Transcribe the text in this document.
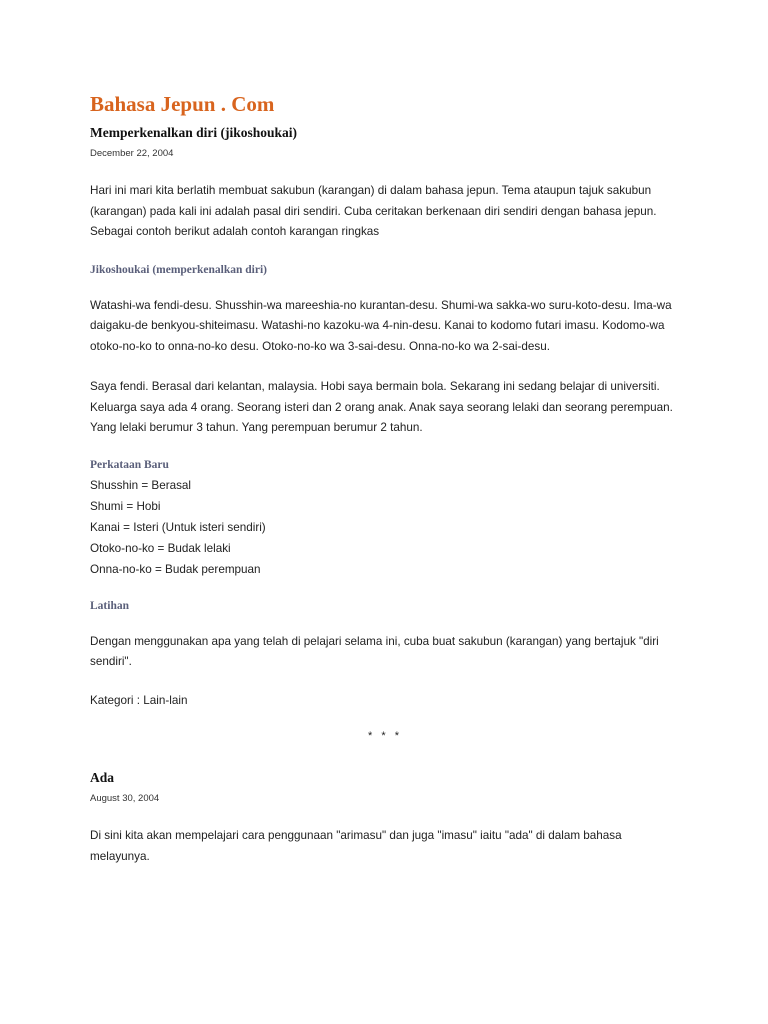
Bahasa Jepun . Com
Memperkenalkan diri (jikoshoukai)

December 22, 2004

Hari ini mari kita berlatih membuat sakubun (karangan) di dalam bahasa jepun. Tema ataupun tajuk sakubun (karangan) pada kali ini adalah pasal diri sendiri. Cuba ceritakan berkenaan diri sendiri dengan bahasa jepun. Sebagai contoh berikut adalah contoh karangan ringkas

Jikoshoukai (memperkenalkan diri)

Watashi-wa fendi-desu. Shusshin-wa mareeshia-no kurantan-desu. Shumi-wa sakka-wo suru-koto-desu. Ima-wa daigaku-de benkyou-shiteimasu. Watashi-no kazoku-wa 4-nin-desu. Kanai to kodomo futari imasu. Kodomo-wa otoko-no-ko to onna-no-ko desu. Otoko-no-ko wa 3-sai-desu. Onna-no-ko wa 2-sai-desu.

Saya fendi. Berasal dari kelantan, malaysia. Hobi saya bermain bola. Sekarang ini sedang belajar di universiti. Keluarga saya ada 4 orang. Seorang isteri dan 2 orang anak. Anak saya seorang lelaki dan seorang perempuan. Yang lelaki berumur 3 tahun. Yang perempuan berumur 2 tahun.

Perkataan Baru
Shusshin = Berasal
Shumi = Hobi
Kanai = Isteri (Untuk isteri sendiri)
Otoko-no-ko = Budak lelaki
Onna-no-ko = Budak perempuan
Latihan

Dengan menggunakan apa yang telah di pelajari selama ini, cuba buat sakubun (karangan) yang bertajuk "diri sendiri".

Kategori : Lain-lain

* * *

Ada

August 30, 2004

Di sini kita akan mempelajari cara penggunaan "arimasu" dan juga "imasu" iaitu "ada" di dalam bahasa melayunya.
